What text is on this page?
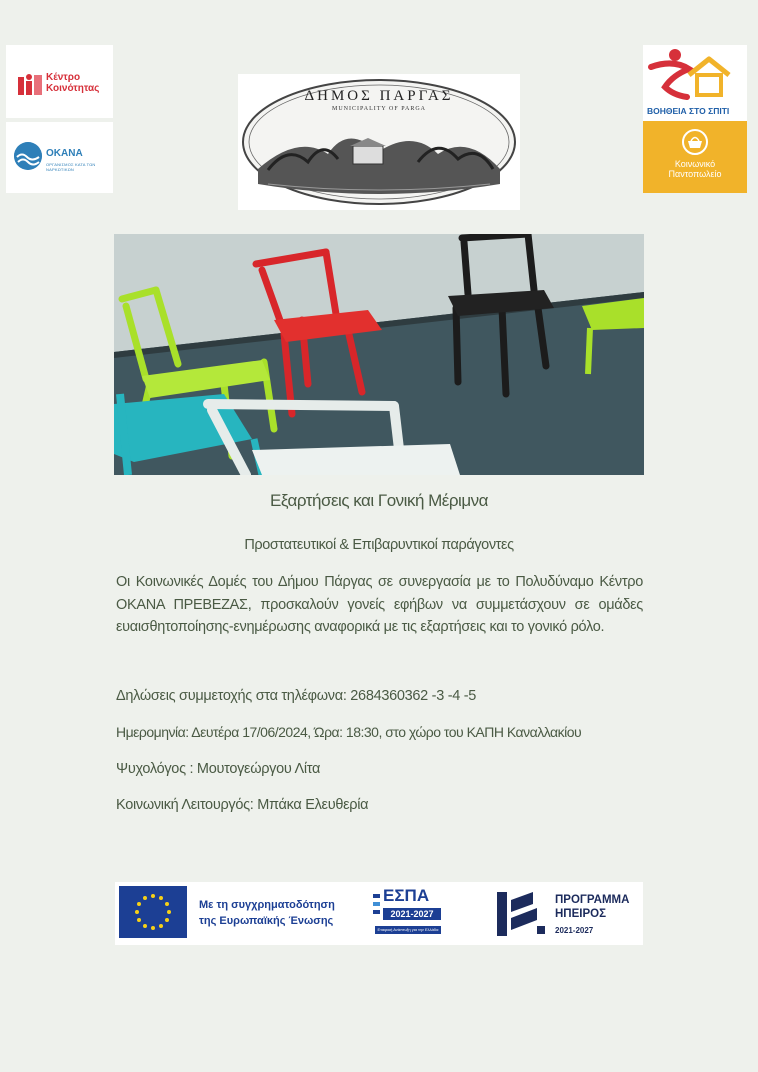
Κέντρο
Κοινότητας
ΟΚΑΝΑ
ΟΡΓΑΝΙΣΜΟΣ ΚΑΤΑ ΤΩΝ ΝΑΡΚΩΤΙΚΩΝ
ΔΗΜΟΣ ΠΑΡΓΑΣ
MUNICIPALITY OF PARGA	ΒΟΗΘΕΙΑ ΣΤΟ ΣΠΙΤΙ
Κοινωνικό
Παντοπωλείο
Εξαρτήσεις και Γονική Μέριμνα
Προστατευτικοί & Επιβαρυντικοί παράγοντες
Οι Κοινωνικές Δομές του Δήμου Πάργας σε συνεργασία με το Πολυδύναμο Κέντρο ΟΚΑΝΑ ΠΡΕΒΕΖΑΣ, προσκαλούν γονείς εφήβων να συμμετάσχουν σε ομάδες ευαισθητοποίησης-ενημέρωσης αναφορικά με τις εξαρτήσεις και το γονικό ρόλο.
Δηλώσεις συμμετοχής στα τηλέφωνα: 2684360362 -3 -4 -5
Ημερομηνία: Δευτέρα 17/06/2024, Ώρα: 18:30, στο χώρο του ΚΑΠΗ Καναλλακίου
Ψυχολόγος : Μουτογεώργου Λίτα
Κοινωνική Λειτουργός: Μπάκα Ελευθερία
Με τη συγχρηματοδότηση
της Ευρωπαϊκής Ένωσης
ΕΣΠΑ
2021-2027
Εταιρική Ανάπτυξη για την Ελλάδα
ΠΡΟΓΡΑΜΜΑ
ΗΠΕΙΡΟΣ
2021-2027
